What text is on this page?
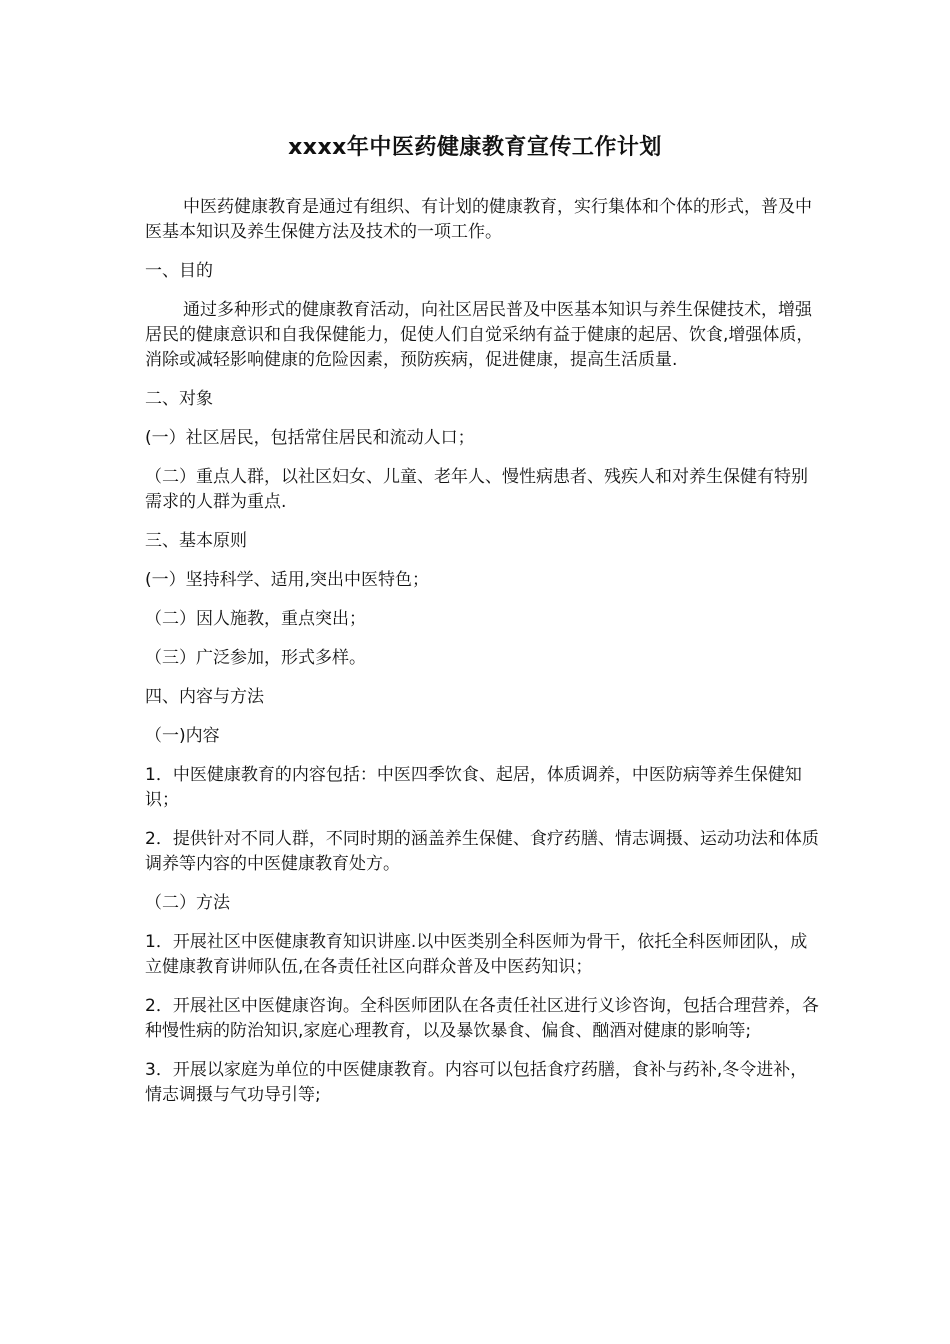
xxxx年中医药健康教育宣传工作计划

中医药健康教育是通过有组织、有计划的健康教育，实行集体和个体的形式，普及中医基本知识及养生保健方法及技术的一项工作。

一、目的

通过多种形式的健康教育活动，向社区居民普及中医基本知识与养生保健技术，增强居民的健康意识和自我保健能力，促使人们自觉采纳有益于健康的起居、饮食,增强体质，消除或减轻影响健康的危险因素，预防疾病，促进健康，提高生活质量.

二、对象

(一）社区居民，包括常住居民和流动人口；

（二）重点人群，以社区妇女、儿童、老年人、慢性病患者、残疾人和对养生保健有特别需求的人群为重点.

三、基本原则

(一）坚持科学、适用,突出中医特色；

（二）因人施教，重点突出；

（三）广泛参加，形式多样。

四、内容与方法

（一)内容

1．中医健康教育的内容包括：中医四季饮食、起居，体质调养，中医防病等养生保健知识；

2．提供针对不同人群，不同时期的涵盖养生保健、食疗药膳、情志调摄、运动功法和体质调养等内容的中医健康教育处方。

（二）方法

1．开展社区中医健康教育知识讲座.以中医类别全科医师为骨干，依托全科医师团队，成立健康教育讲师队伍,在各责任社区向群众普及中医药知识；

2．开展社区中医健康咨询。全科医师团队在各责任社区进行义诊咨询，包括合理营养，各种慢性病的防治知识,家庭心理教育，以及暴饮暴食、偏食、酗酒对健康的影响等;

3．开展以家庭为单位的中医健康教育。内容可以包括食疗药膳，食补与药补,冬令进补，情志调摄与气功导引等;
